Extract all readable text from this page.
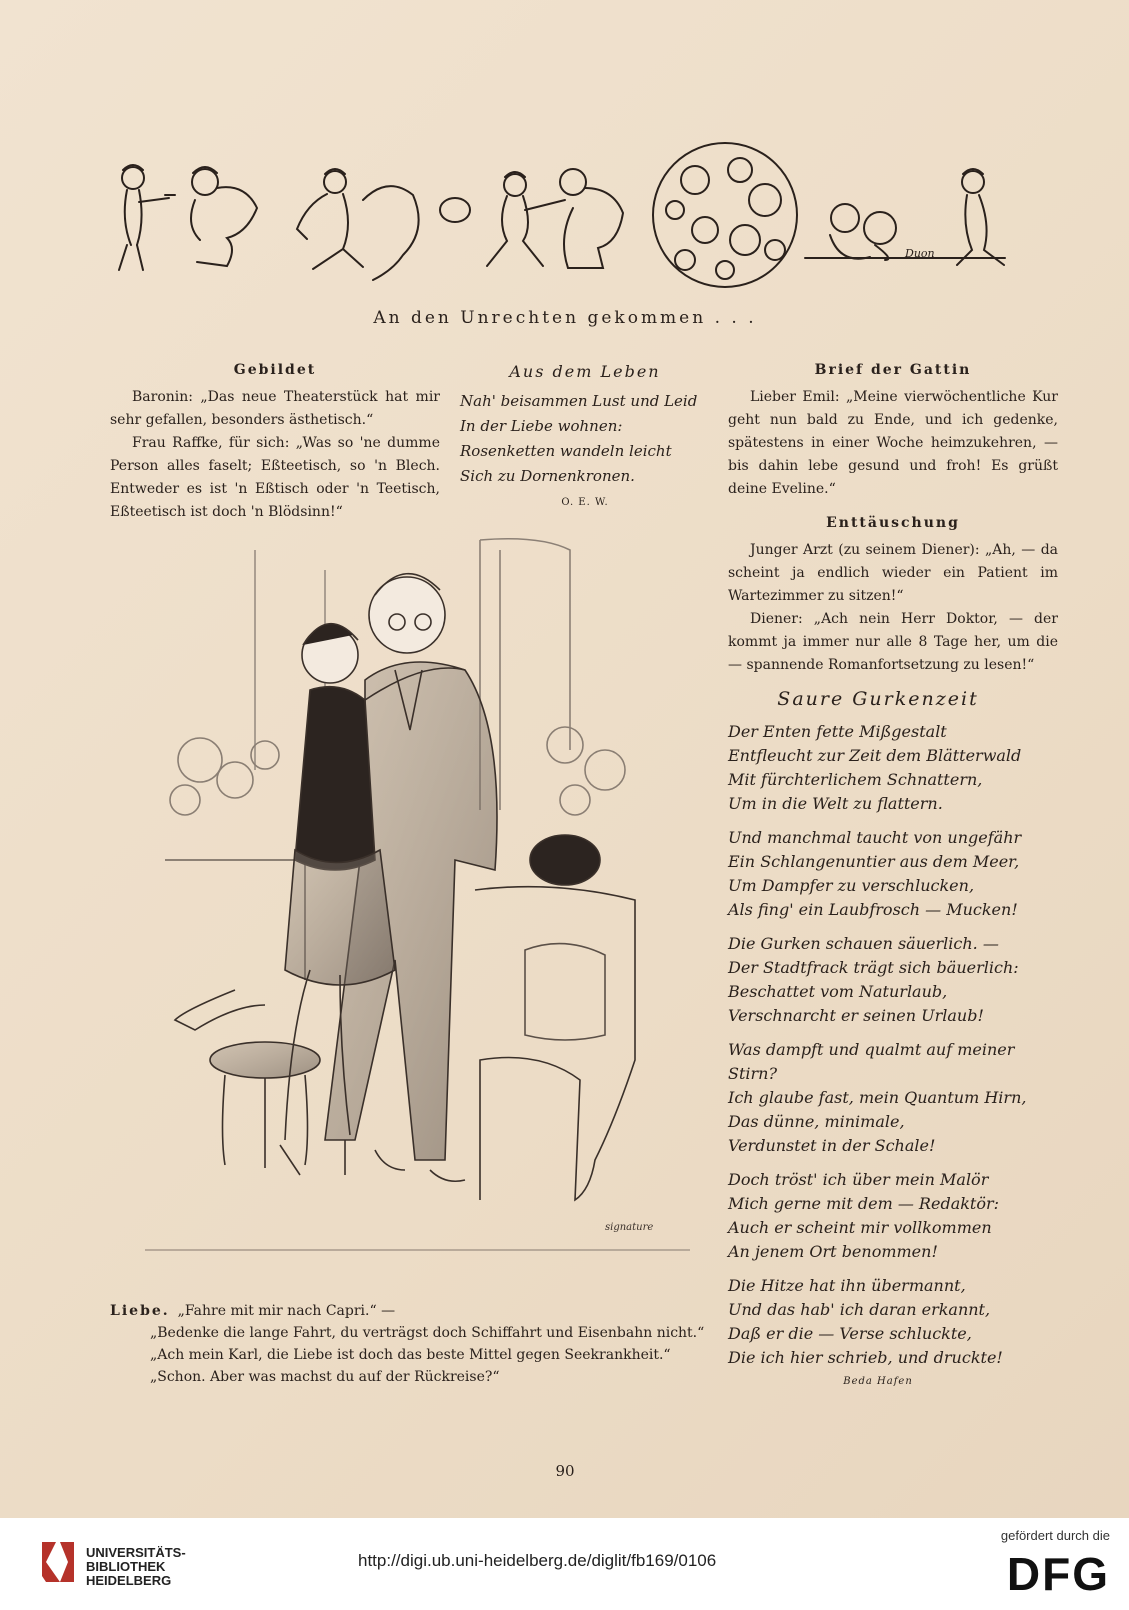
Duon
An den Unrechten gekommen . . .
Gebildet
Baronin: „Das neue Theaterstück hat mir sehr gefallen, besonders ästhetisch.“
Frau Raffke, für sich: „Was so 'ne dumme Person alles faselt; Eßteetisch, so 'n Blech. Entweder es ist 'n Eßtisch oder 'n Teetisch, Eßteetisch ist doch 'n Blödsinn!“
Aus dem Leben
Nah' beisammen Lust und Leid
In der Liebe wohnen:
Rosenketten wandeln leicht
Sich zu Dornenkronen.
O. E. W.
Brief der Gattin
Lieber Emil: „Meine vierwöchentliche Kur geht nun bald zu Ende, und ich gedenke, spätestens in einer Woche heimzukehren, — bis dahin lebe gesund und froh! Es grüßt deine Eveline.“
Enttäuschung
Junger Arzt (zu seinem Diener): „Ah, — da scheint ja endlich wieder ein Patient im Wartezimmer zu sitzen!“
Diener: „Ach nein Herr Doktor, — der kommt ja immer nur alle 8 Tage her, um die — spannende Romanfortsetzung zu lesen!“
signature
Saure Gurkenzeit
Der Enten fette Mißgestalt
Entfleucht zur Zeit dem Blätterwald
Mit fürchterlichem Schnattern,
Um in die Welt zu flattern.
Und manchmal taucht von ungefähr
Ein Schlangenuntier aus dem Meer,
Um Dampfer zu verschlucken,
Als fing' ein Laubfrosch — Mucken!
Die Gurken schauen säuerlich. —
Der Stadtfrack trägt sich bäuerlich:
Beschattet vom Naturlaub,
Verschnarcht er seinen Urlaub!
Was dampft und qualmt auf meiner Stirn?
Ich glaube fast, mein Quantum Hirn,
Das dünne, minimale,
Verdunstet in der Schale!
Doch tröst' ich über mein Malör
Mich gerne mit dem — Redaktör:
Auch er scheint mir vollkommen
An jenem Ort benommen!
Die Hitze hat ihn übermannt,
Und das hab' ich daran erkannt,
Daß er die — Verse schluckte,
Die ich hier schrieb, und druckte!
Beda Hafen
Liebe. „Fahre mit mir nach Capri.“ —
„Bedenke die lange Fahrt, du verträgst doch Schiffahrt und Eisenbahn nicht.“
„Ach mein Karl, die Liebe ist doch das beste Mittel gegen Seekrankheit.“
„Schon. Aber was machst du auf der Rückreise?“
90
UNIVERSITÄTS-
BIBLIOTHEK
HEIDELBERG
http://digi.ub.uni-heidelberg.de/diglit/fb169/0106
gefördert durch die
DFG
